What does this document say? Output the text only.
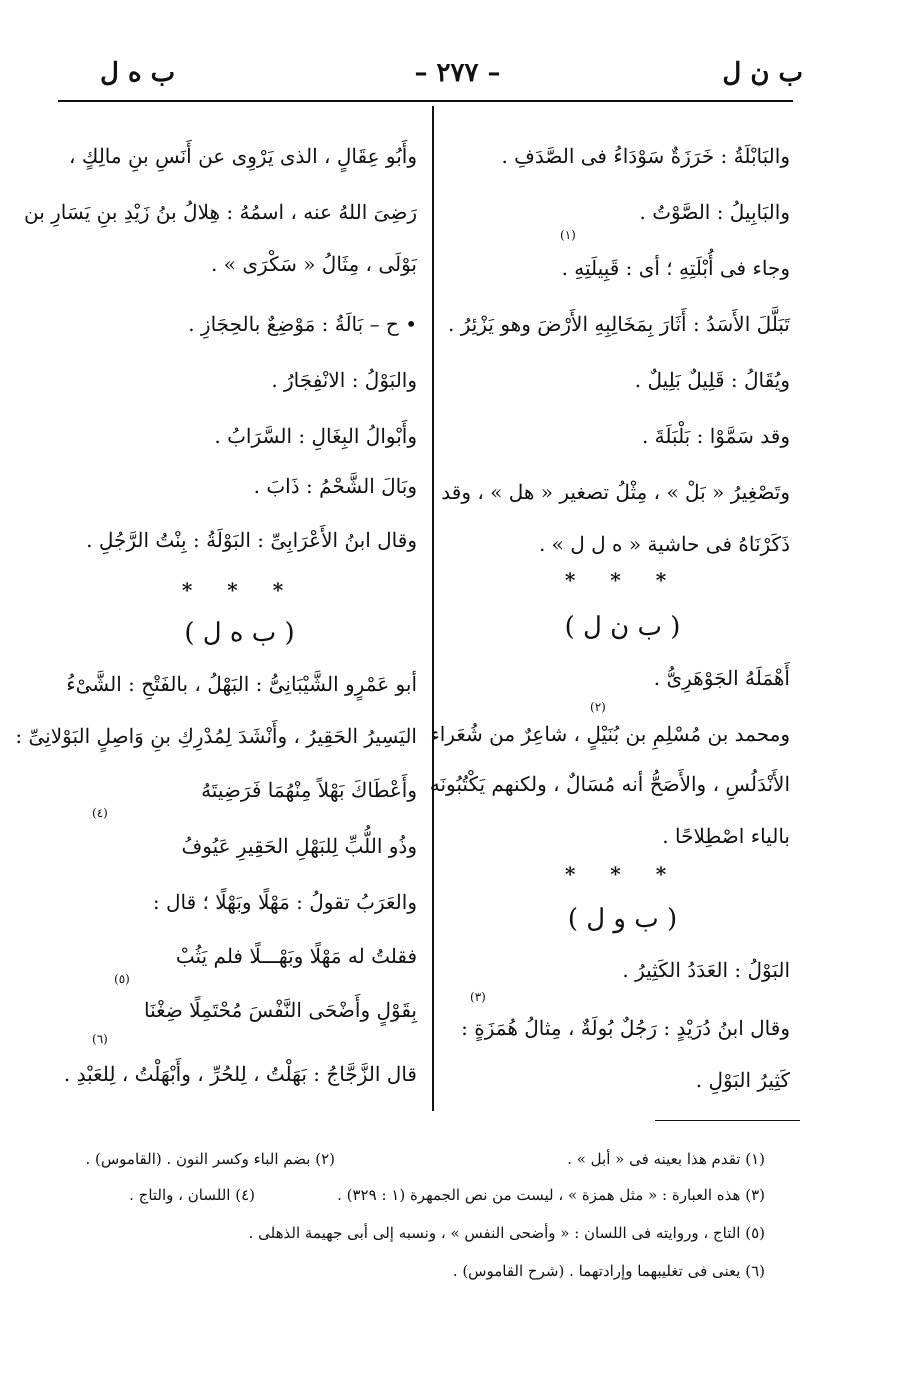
ب ن ل
– ٢٧٧ –
ب ه ل
والبَابْلَةُ : خَرَزَةٌ سَوْدَاءُ فى الصَّدَفِ .
والبَابِيلُ : الصَّوْتُ .
وجاء فى أُبْلَتِهِ ؛ أى : قَبِيلَتِهِ .
تَبَلَّلَ الأَسَدُ : أَثَارَ بِمَخَالِبِهِ الأَرْضَ وهو يَزْئِرُ .
ويُقَالُ : قَلِيلٌ بَلِيلٌ .
وقد سَمَّوْا : بَلْبَلَةَ .
وتَصْغِيرُ « بَلْ » ، مِثْلُ تصغير « هل » ، وقد
ذَكَرْنَاهُ فى حاشية « ه ل ل » .
* * *
( ب ن ل )
أَهْمَلَهُ الجَوْهَرِىُّ .
ومحمد بن مُسْلِمِ بن بُنَيْلٍ ، شاعِرٌ من شُعَراء
الأَنْدَلُسِ ، والأَصَحُّ أنه مُسَالٌ ، ولكنهم يَكْتُبُونَه
بالياء اصْطِلاحًا .
* * *
( ب و ل )
البَوْلُ : العَدَدُ الكَثِيرُ .
وقال ابنُ دُرَيْدٍ : رَجُلٌ بُولَةٌ ، مِثالُ هُمَزَةٍ :
كَثِيرُ البَوْلِ .
وأَبُو عِقَالٍ ، الذى يَرْوِى عن أَنَسِ بنِ مالِكٍ ،
رَضِىَ اللهُ عنه ، اسمُهُ : هِلالُ بنُ زَيْدِ بنِ يَسَارِ بن
بَوْلَى ، مِثَالُ « سَكْرَى » .
• ح – بَالَةُ : مَوْضِعٌ بالحِجَازِ .
والبَوْلُ : الانْفِجَارُ .
وأَبْوالُ البِغَالِ : السَّرَابُ .
وبَالَ الشَّحْمُ : ذَابَ .
وقال ابنُ الأَعْرَابِىِّ : البَوْلَةُ : بِنْتُ الرَّجُلِ .
* * *
( ب ه ل )
أبو عَمْرٍو الشَّيْبَانِىُّ : البَهْلُ ، بالفَتْحِ : الشَّىْءُ
اليَسِيرُ الحَقِيرُ ، وأَنْشَدَ لِمُدْرِكِ بنِ وَاصِلٍ البَوْلانِىِّ :
وأَعْطَاكَ بَهْلاً مِنْهُمَا فَرَضِيتَهُ
وذُو اللُّبِّ لِلبَهْلِ الحَقِيرِ عَيُوفُ
والعَرَبُ تقولُ : مَهْلًا وبَهْلًا ؛ قال :
فقلتُ له مَهْلًا وبَهْـــلًا فلم يَثُبْ
بِقَوْلٍ وأَضْحَى النَّفْسَ مُحْتَمِلًا ضِغْنَا
قال الزَّجَّاجُ : بَهَلْتُ ، لِلحُرِّ ، وأَبْهَلْتُ ، لِلعَبْدِ .
(١)
(٢)
(٣)
(٤)
(٥)
(٦)
(١) تقدم هذا بعينه فى « أبل » .
(٢) بضم الباء وكسر النون . (القاموس) .
(٣) هذه العبارة : « مثل همزة » ، ليست من نص الجمهرة (١ : ٣٢٩) .
(٤) اللسان ، والتاج .
(٥) التاج ، وروايته فى اللسان : « وأضحى النفس » ، ونسبه إلى أبى جهيمة الذهلى .
(٦) يعنى فى تغليبهما وإرادتهما . (شرح القاموس) .
